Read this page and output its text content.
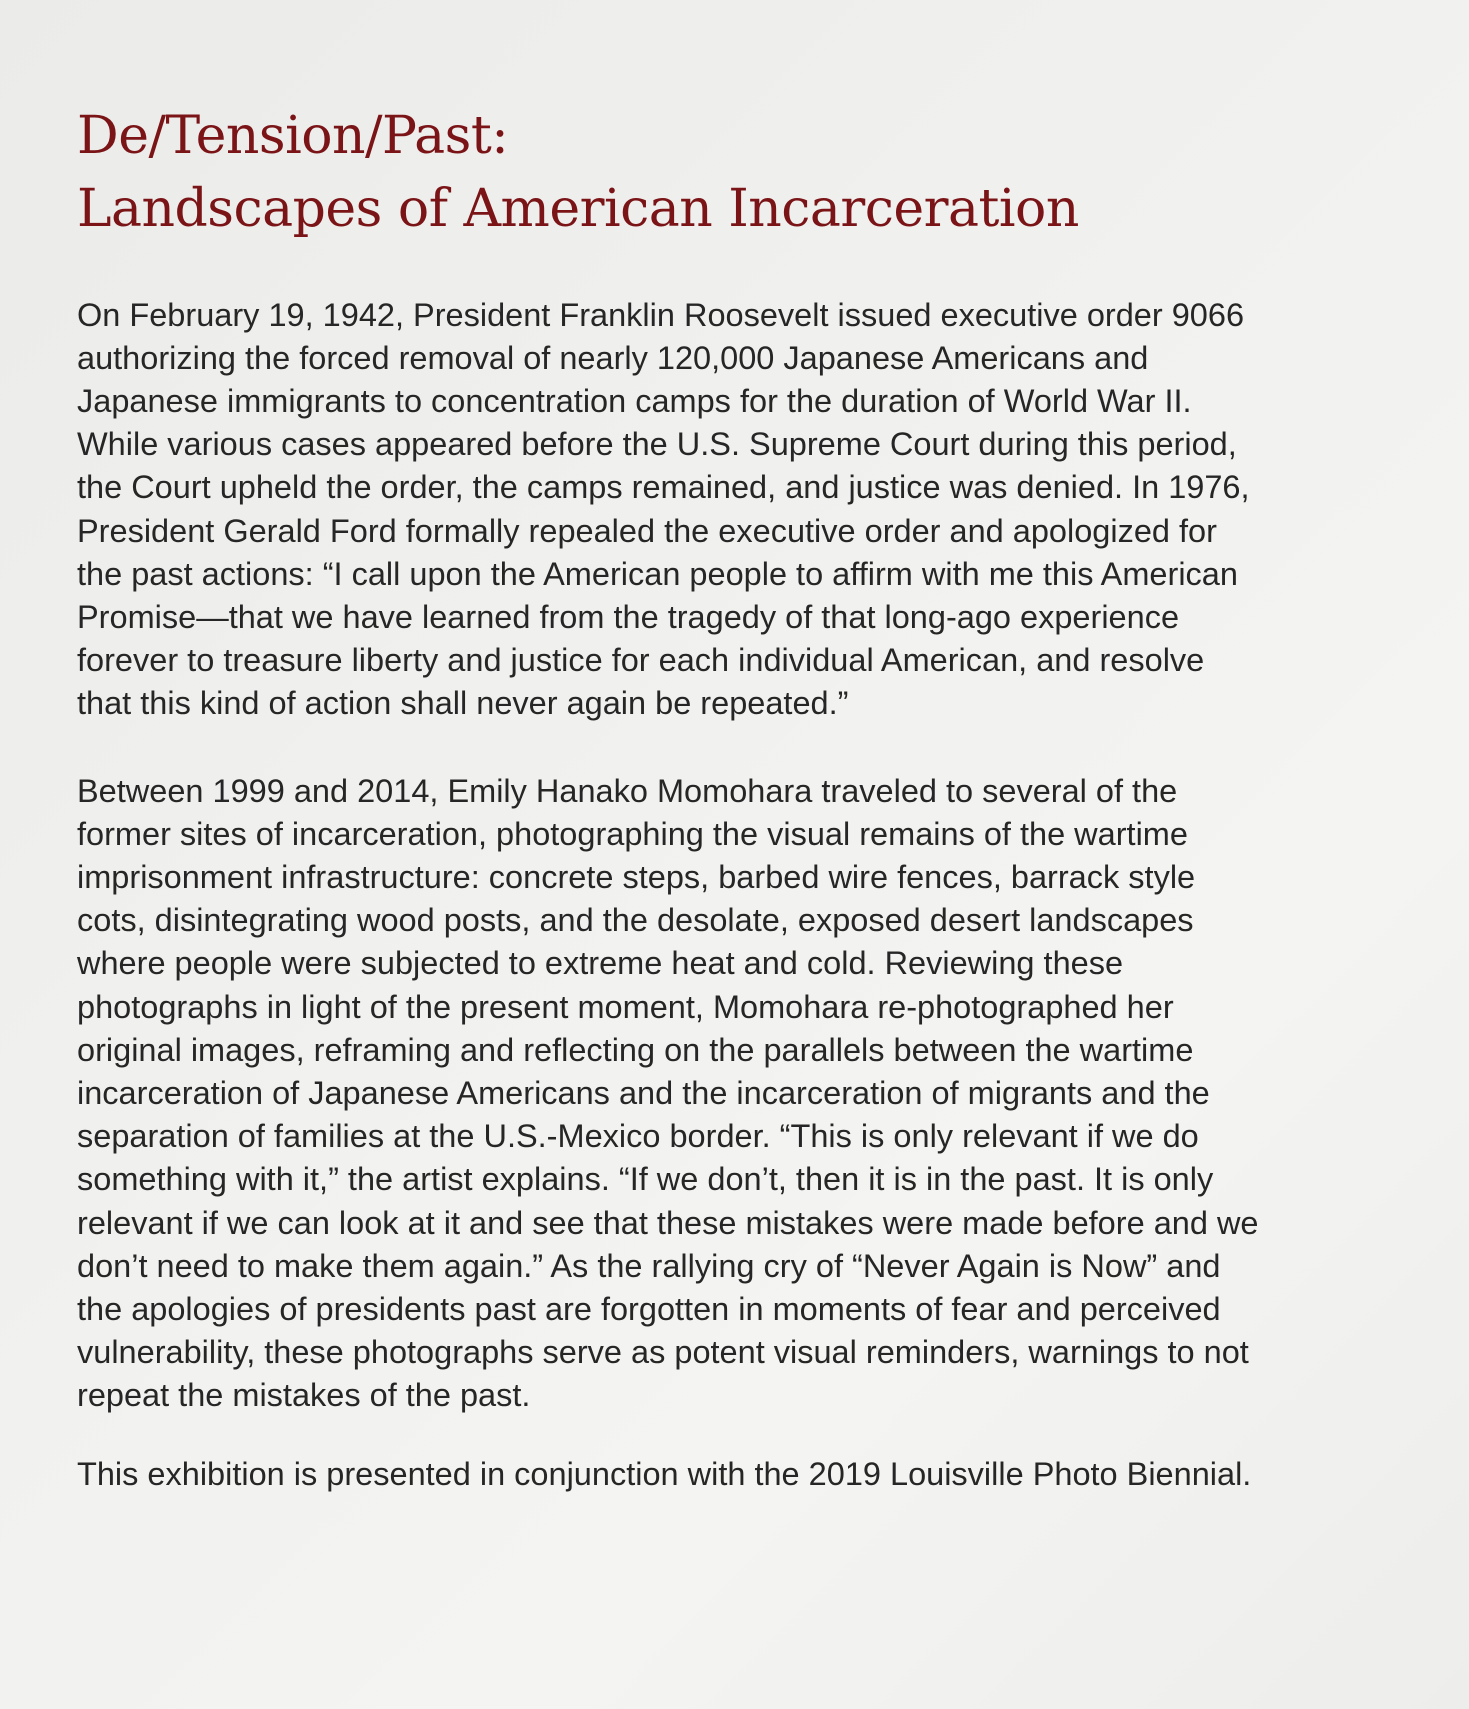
De/Tension/Past:
Landscapes of American Incarceration

On February 19, 1942, President Franklin Roosevelt issued executive order 9066
authorizing the forced removal of nearly 120,000 Japanese Americans and
Japanese immigrants to concentration camps for the duration of World War II.
While various cases appeared before the U.S. Supreme Court during this period,
the Court upheld the order, the camps remained, and justice was denied. In 1976,
President Gerald Ford formally repealed the executive order and apologized for
the past actions: “I call upon the American people to affirm with me this American
Promise—that we have learned from the tragedy of that long-ago experience
forever to treasure liberty and justice for each individual American, and resolve
that this kind of action shall never again be repeated.”

Between 1999 and 2014, Emily Hanako Momohara traveled to several of the
former sites of incarceration, photographing the visual remains of the wartime
imprisonment infrastructure: concrete steps, barbed wire fences, barrack style
cots, disintegrating wood posts, and the desolate, exposed desert landscapes
where people were subjected to extreme heat and cold. Reviewing these
photographs in light of the present moment, Momohara re-photographed her
original images, reframing and reflecting on the parallels between the wartime
incarceration of Japanese Americans and the incarceration of migrants and the
separation of families at the U.S.-Mexico border. “This is only relevant if we do
something with it,” the artist explains. “If we don’t, then it is in the past. It is only
relevant if we can look at it and see that these mistakes were made before and we
don’t need to make them again.” As the rallying cry of “Never Again is Now” and
the apologies of presidents past are forgotten in moments of fear and perceived
vulnerability, these photographs serve as potent visual reminders, warnings to not
repeat the mistakes of the past.

This exhibition is presented in conjunction with the 2019 Louisville Photo Biennial.
